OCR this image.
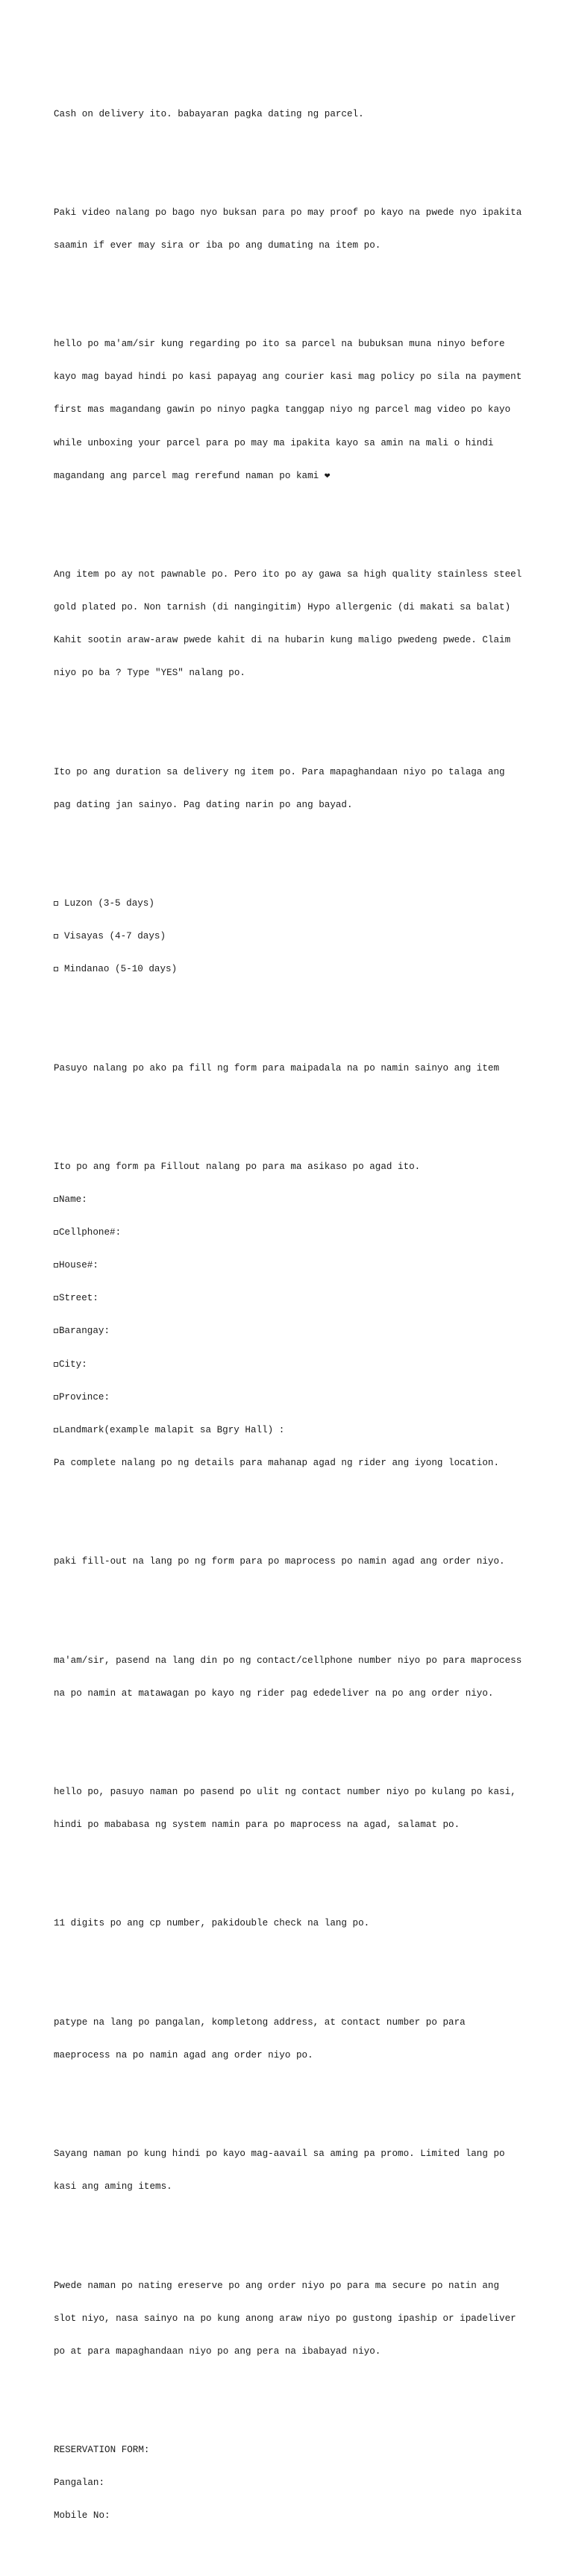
Cash on delivery ito. babayaran pagka dating ng parcel.

Paki video nalang po bago nyo buksan para po may proof po kayo na pwede nyo ipakita

saamin if ever may sira or iba po ang dumating na item po.

hello po ma'am/sir kung regarding po ito sa parcel na bubuksan muna ninyo before

kayo mag bayad hindi po kasi papayag ang courier kasi mag policy po sila na payment

first mas magandang gawin po ninyo pagka tanggap niyo ng parcel mag video po kayo

while unboxing your parcel para po may ma ipakita kayo sa amin na mali o hindi

magandang ang parcel mag rerefund naman po kami ❤

Ang item po ay not pawnable po. Pero ito po ay gawa sa high quality stainless steel

gold plated po. Non tarnish (di nangingitim) Hypo allergenic (di makati sa balat)

Kahit sootin araw-araw pwede kahit di na hubarin kung maligo pwedeng pwede. Claim

niyo po ba ? Type "YES" nalang po.

Ito po ang duration sa delivery ng item po. Para mapaghandaan niyo po talaga ang

pag dating jan sainyo. Pag dating narin po ang bayad.

Luzon (3-5 days)

Visayas (4-7 days)

Mindanao (5-10 days)

Pasuyo nalang po ako pa fill ng form para maipadala na po namin sainyo ang item

Ito po ang form pa Fillout nalang po para ma asikaso po agad ito.

Name:

Cellphone#:

House#:

Street:

Barangay:

City:

Province:

Landmark(example malapit sa Bgry Hall) :

Pa complete nalang po ng details para mahanap agad ng rider ang iyong location.

paki fill-out na lang po ng form para po maprocess po namin agad ang order niyo.

ma'am/sir, pasend na lang din po ng contact/cellphone number niyo po para maprocess

na po namin at matawagan po kayo ng rider pag ededeliver na po ang order niyo.

hello po, pasuyo naman po pasend po ulit ng contact number niyo po kulang po kasi,

hindi po mababasa ng system namin para po maprocess na agad, salamat po.

11 digits po ang cp number, pakidouble check na lang po.

patype na lang po pangalan, kompletong address, at contact number po para

maeprocess na po namin agad ang order niyo po.

Sayang naman po kung hindi po kayo mag-aavail sa aming pa promo. Limited lang po

kasi ang aming items.

Pwede naman po nating ereserve po ang order niyo po para ma secure po natin ang

slot niyo, nasa sainyo na po kung anong araw niyo po gustong ipaship or ipadeliver

po at para mapaghandaan niyo po ang pera na ibabayad niyo.

RESERVATION FORM:

Pangalan:

Mobile No:
